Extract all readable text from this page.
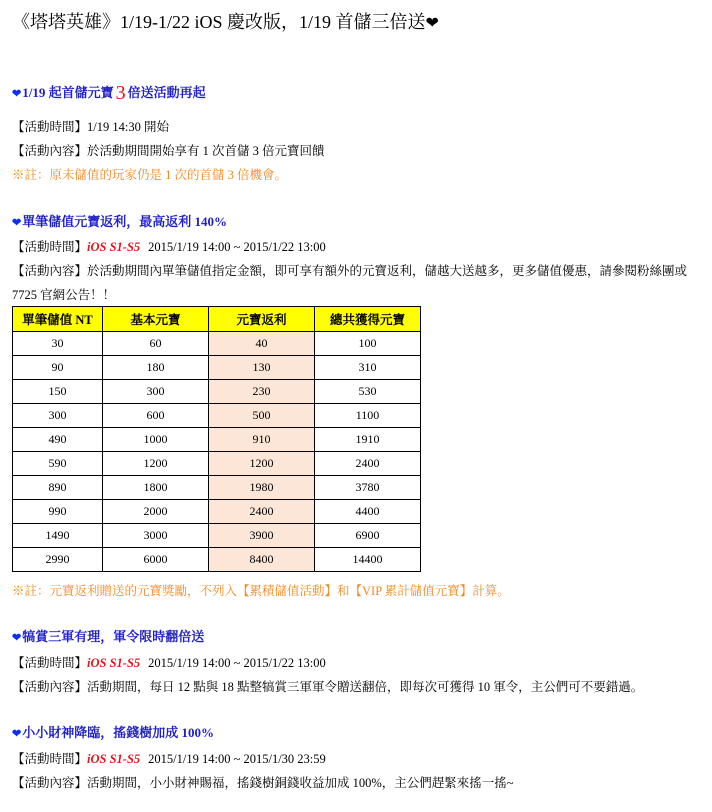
《塔塔英雄》1/19-1/22 iOS 慶改版，1/19 首儲三倍送❤
❤1/19 起首儲元寶 3 倍送活動再起
【活動時間】1/19 14:30 開始
【活動內容】於活動期間開始享有 1 次首儲 3 倍元寶回饋
※註：原未儲值的玩家仍是 1 次的首儲 3 倍機會。
❤單筆儲值元寶返利，最高返利 140%
【活動時間】iOS S1-S5 2015/1/19 14:00 ~ 2015/1/22 13:00
【活動內容】於活動期間內單筆儲值指定金額，即可享有額外的元寶返利，儲越大送越多，更多儲值優惠，請參閱粉絲團或 7725 官網公告！！
單筆儲值 NT	基本元寶	元寶返利	總共獲得元寶
30	60	40	100
90	180	130	310
150	300	230	530
300	600	500	1100
490	1000	910	1910
590	1200	1200	2400
890	1800	1980	3780
990	2000	2400	4400
1490	3000	3900	6900
2990	6000	8400	14400
※註：元寶返利贈送的元寶獎勵，不列入【累積儲值活動】和【VIP 累計儲值元寶】計算。
❤犒賞三軍有理，軍令限時翻倍送
【活動時間】iOS S1-S5 2015/1/19 14:00 ~ 2015/1/22 13:00
【活動內容】活動期間，每日 12 點與 18 點整犒賞三軍軍令贈送翻倍，即每次可獲得 10 軍令，主公們可不要錯過。
❤小小財神降臨，搖錢樹加成 100%
【活動時間】iOS S1-S5 2015/1/19 14:00 ~ 2015/1/30 23:59
【活動內容】活動期間，小小財神賜福，搖錢樹銅錢收益加成 100%，主公們趕緊來搖一搖~
